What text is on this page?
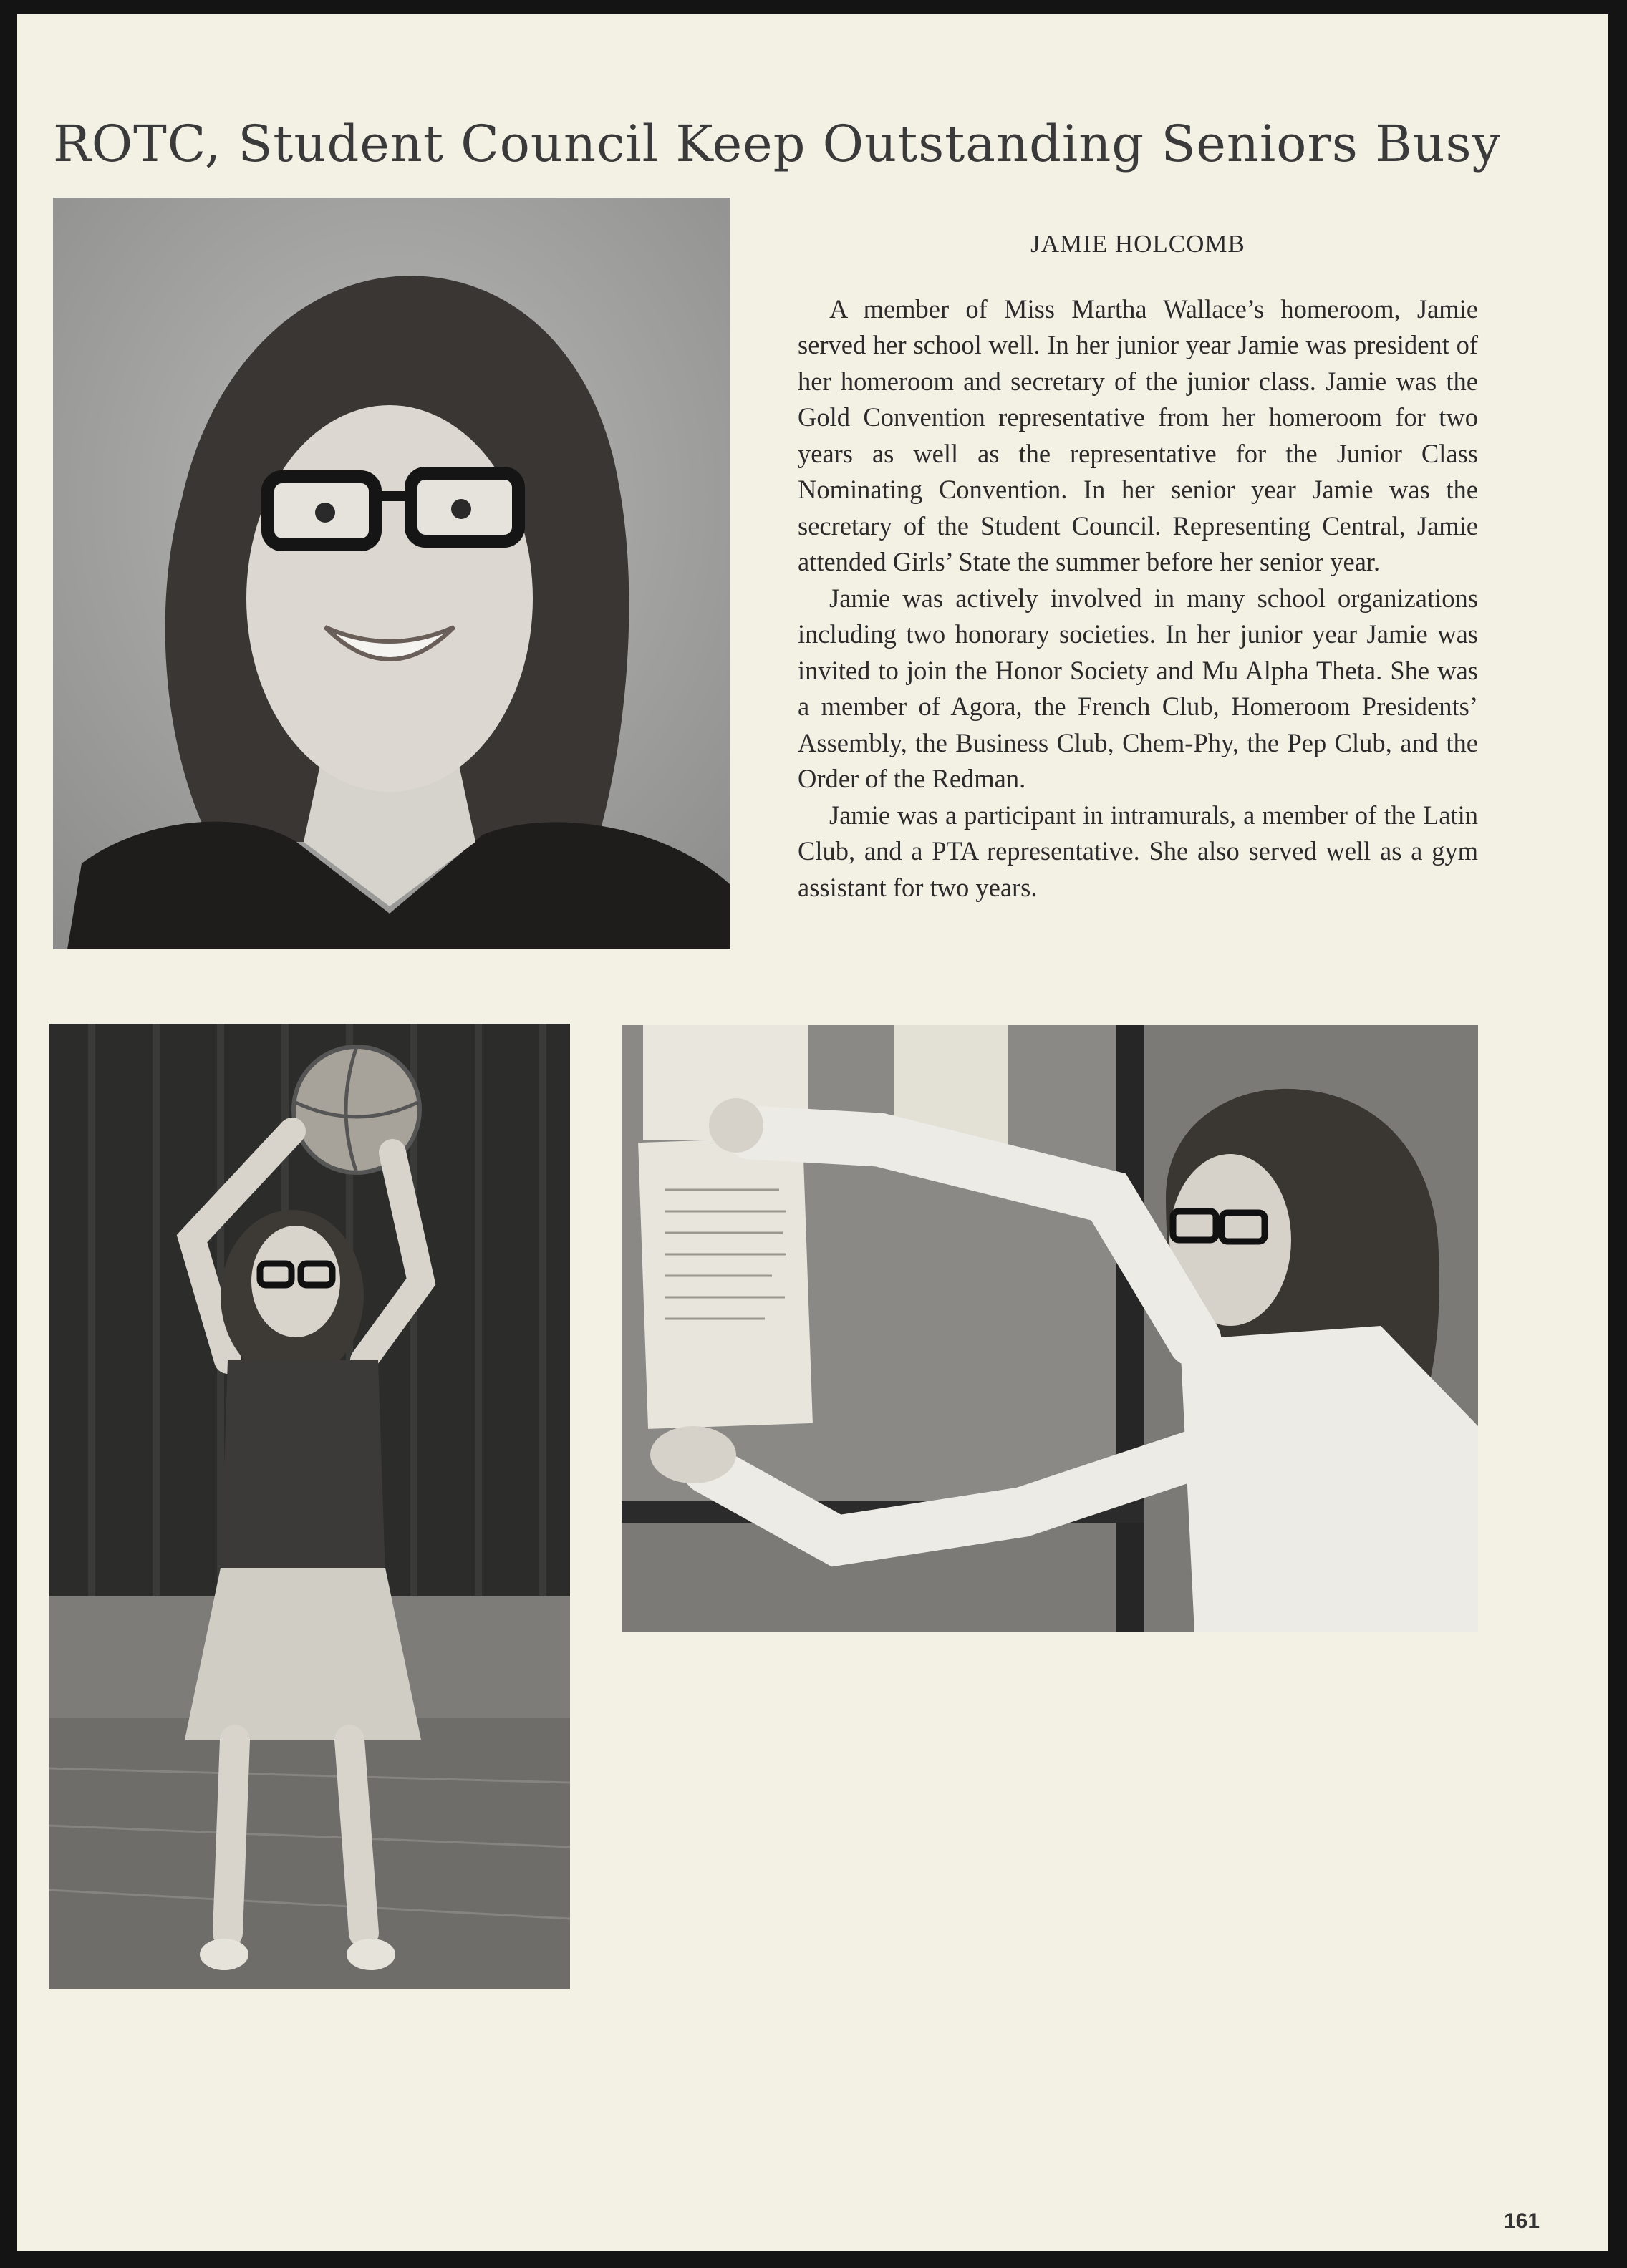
ROTC, Student Council Keep Outstanding Seniors Busy

JAMIE HOLCOMB

A member of Miss Martha Wallace’s homeroom, Jamie served her school well. In her junior year Jamie was president of her homeroom and secretary of the junior class. Jamie was the Gold Convention representative from her homeroom for two years as well as the representative for the Junior Class Nominating Convention. In her senior year Jamie was the secretary of the Student Council. Representing Central, Jamie attended Girls’ State the summer before her senior year.

Jamie was actively involved in many school organizations including two honorary societies. In her junior year Jamie was invited to join the Honor Society and Mu Alpha Theta. She was a member of Agora, the French Club, Homeroom Presidents’ Assembly, the Business Club, Chem-Phy, the Pep Club, and the Order of the Redman.

Jamie was a participant in intramurals, a member of the Latin Club, and a PTA representative. She also served well as a gym assistant for two years.

161
